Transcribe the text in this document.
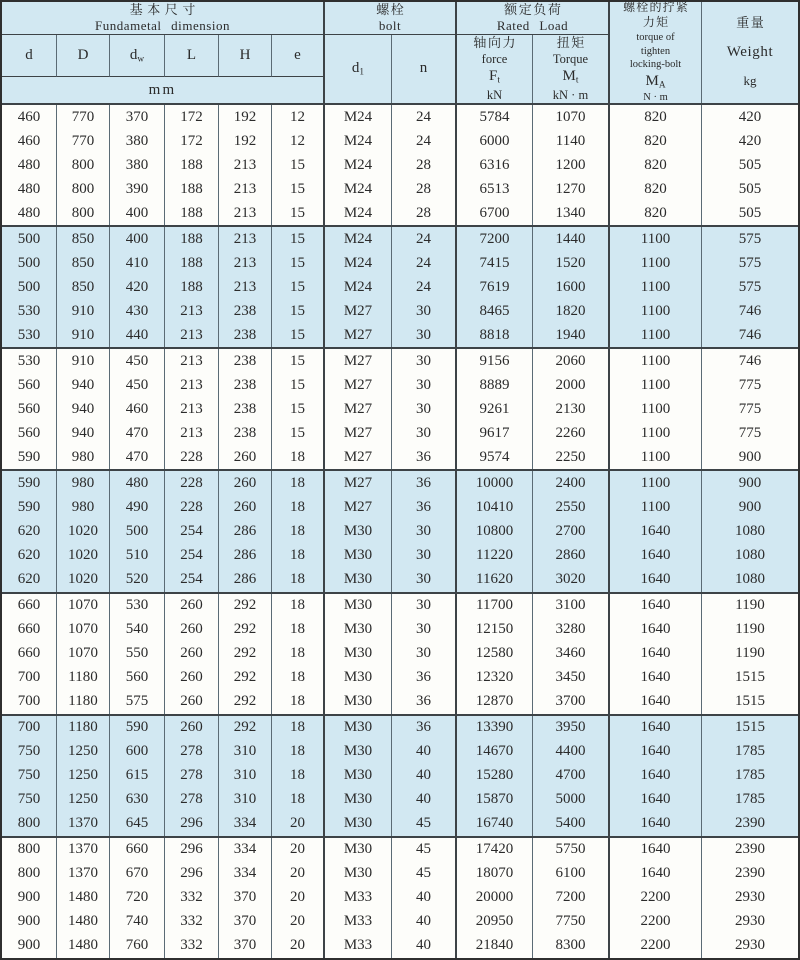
基本尺寸
Fundametal dimension
螺栓
bolt
额定负荷
Rated Load
螺栓的拧紧
力矩
torque of
tighten
locking-bolt
$M_A$
N · m
重量
Weight
kg
d	D	$d_w$	L	H	e
mm
$d_1$	n
轴向力
force
$F_t$
kN
扭矩
Torque
$M_t$
kN · m
460	770	370	172	192	12	M24	24	5784	1070	820	420
460	770	380	172	192	12	M24	24	6000	1140	820	420
480	800	380	188	213	15	M24	28	6316	1200	820	505
480	800	390	188	213	15	M24	28	6513	1270	820	505
480	800	400	188	213	15	M24	28	6700	1340	820	505
500	850	400	188	213	15	M24	24	7200	1440	1100	575
500	850	410	188	213	15	M24	24	7415	1520	1100	575
500	850	420	188	213	15	M24	24	7619	1600	1100	575
530	910	430	213	238	15	M27	30	8465	1820	1100	746
530	910	440	213	238	15	M27	30	8818	1940	1100	746
530	910	450	213	238	15	M27	30	9156	2060	1100	746
560	940	450	213	238	15	M27	30	8889	2000	1100	775
560	940	460	213	238	15	M27	30	9261	2130	1100	775
560	940	470	213	238	15	M27	30	9617	2260	1100	775
590	980	470	228	260	18	M27	36	9574	2250	1100	900
590	980	480	228	260	18	M27	36	10000	2400	1100	900
590	980	490	228	260	18	M27	36	10410	2550	1100	900
620	1020	500	254	286	18	M30	30	10800	2700	1640	1080
620	1020	510	254	286	18	M30	30	11220	2860	1640	1080
620	1020	520	254	286	18	M30	30	11620	3020	1640	1080
660	1070	530	260	292	18	M30	30	11700	3100	1640	1190
660	1070	540	260	292	18	M30	30	12150	3280	1640	1190
660	1070	550	260	292	18	M30	30	12580	3460	1640	1190
700	1180	560	260	292	18	M30	36	12320	3450	1640	1515
700	1180	575	260	292	18	M30	36	12870	3700	1640	1515
700	1180	590	260	292	18	M30	36	13390	3950	1640	1515
750	1250	600	278	310	18	M30	40	14670	4400	1640	1785
750	1250	615	278	310	18	M30	40	15280	4700	1640	1785
750	1250	630	278	310	18	M30	40	15870	5000	1640	1785
800	1370	645	296	334	20	M30	45	16740	5400	1640	2390
800	1370	660	296	334	20	M30	45	17420	5750	1640	2390
800	1370	670	296	334	20	M30	45	18070	6100	1640	2390
900	1480	720	332	370	20	M33	40	20000	7200	2200	2930
900	1480	740	332	370	20	M33	40	20950	7750	2200	2930
900	1480	760	332	370	20	M33	40	21840	8300	2200	2930
